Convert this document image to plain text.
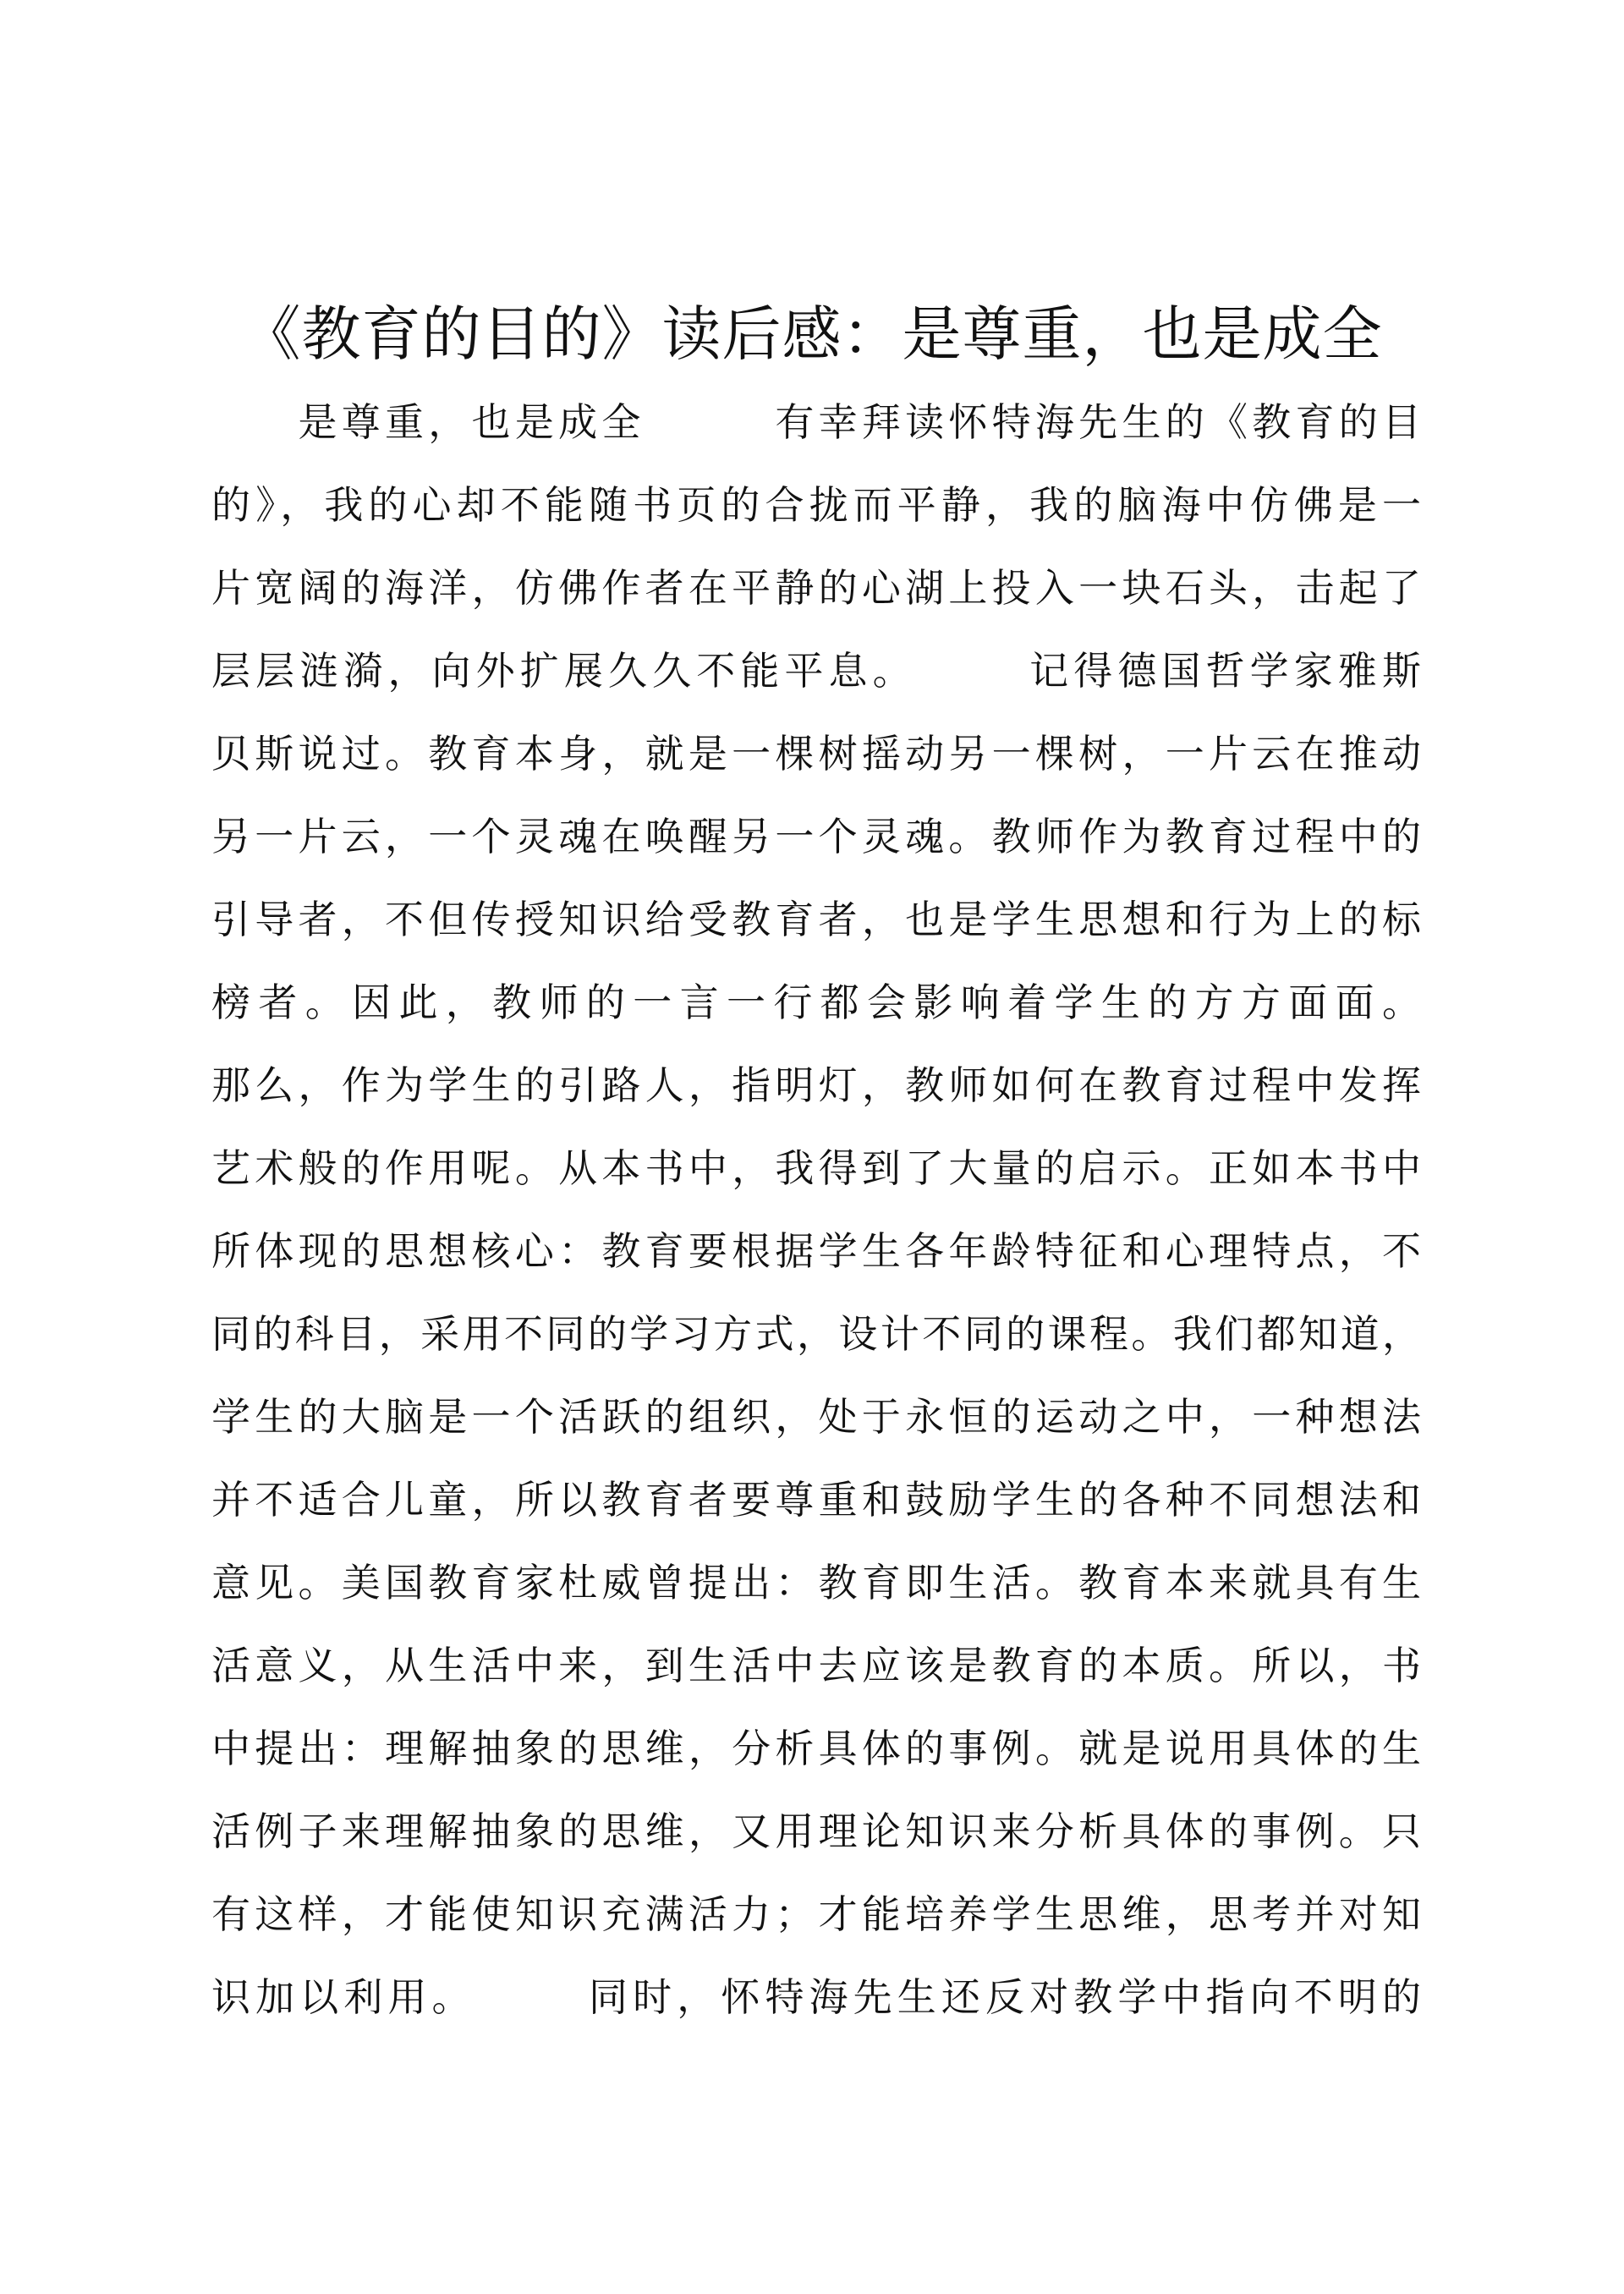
《教育的目的》读后感：是尊重，也是成全
　　是尊重，也是成全　　　有幸拜读怀特海先生的《教育的目
的》，我的心却不能随书页的合拢而平静，我的脑海中仿佛是一
片宽阔的海洋，仿佛作者在平静的心湖上投入一块石头，击起了
层层涟漪，向外扩展久久不能平息。　　　记得德国哲学家雅斯
贝斯说过。教育本身，就是一棵树摇动另一棵树，一片云在推动
另一片云，一个灵魂在唤醒另一个灵魂。教师作为教育过程中的
引导者，不但传授知识给受教育者，也是学生思想和行为上的标
榜者。因此，教师的一言一行都会影响着学生的方方面面。
那么，作为学生的引路人，指明灯，教师如何在教育过程中发挥
艺术般的作用呢。从本书中，我得到了大量的启示。正如本书中
所体现的思想核心：教育要根据学生各年龄特征和心理特点，不
同的科目，采用不同的学习方式，设计不同的课程。我们都知道，
学生的大脑是一个活跃的组织，处于永恒的运动之中，一种想法
并不适合儿童，所以教育者要尊重和鼓励学生的各种不同想法和
意见。美国教育家杜威曾提出：教育即生活。教育本来就具有生
活意义，从生活中来，到生活中去应该是教育的本质。所以，书
中提出：理解抽象的思维，分析具体的事例。就是说用具体的生
活例子来理解抽象的思维，又用理论知识来分析具体的事例。只
有这样，才能使知识充满活力；才能培养学生思维，思考并对知
识加以利用。　　　同时，怀特海先生还反对教学中指向不明的
